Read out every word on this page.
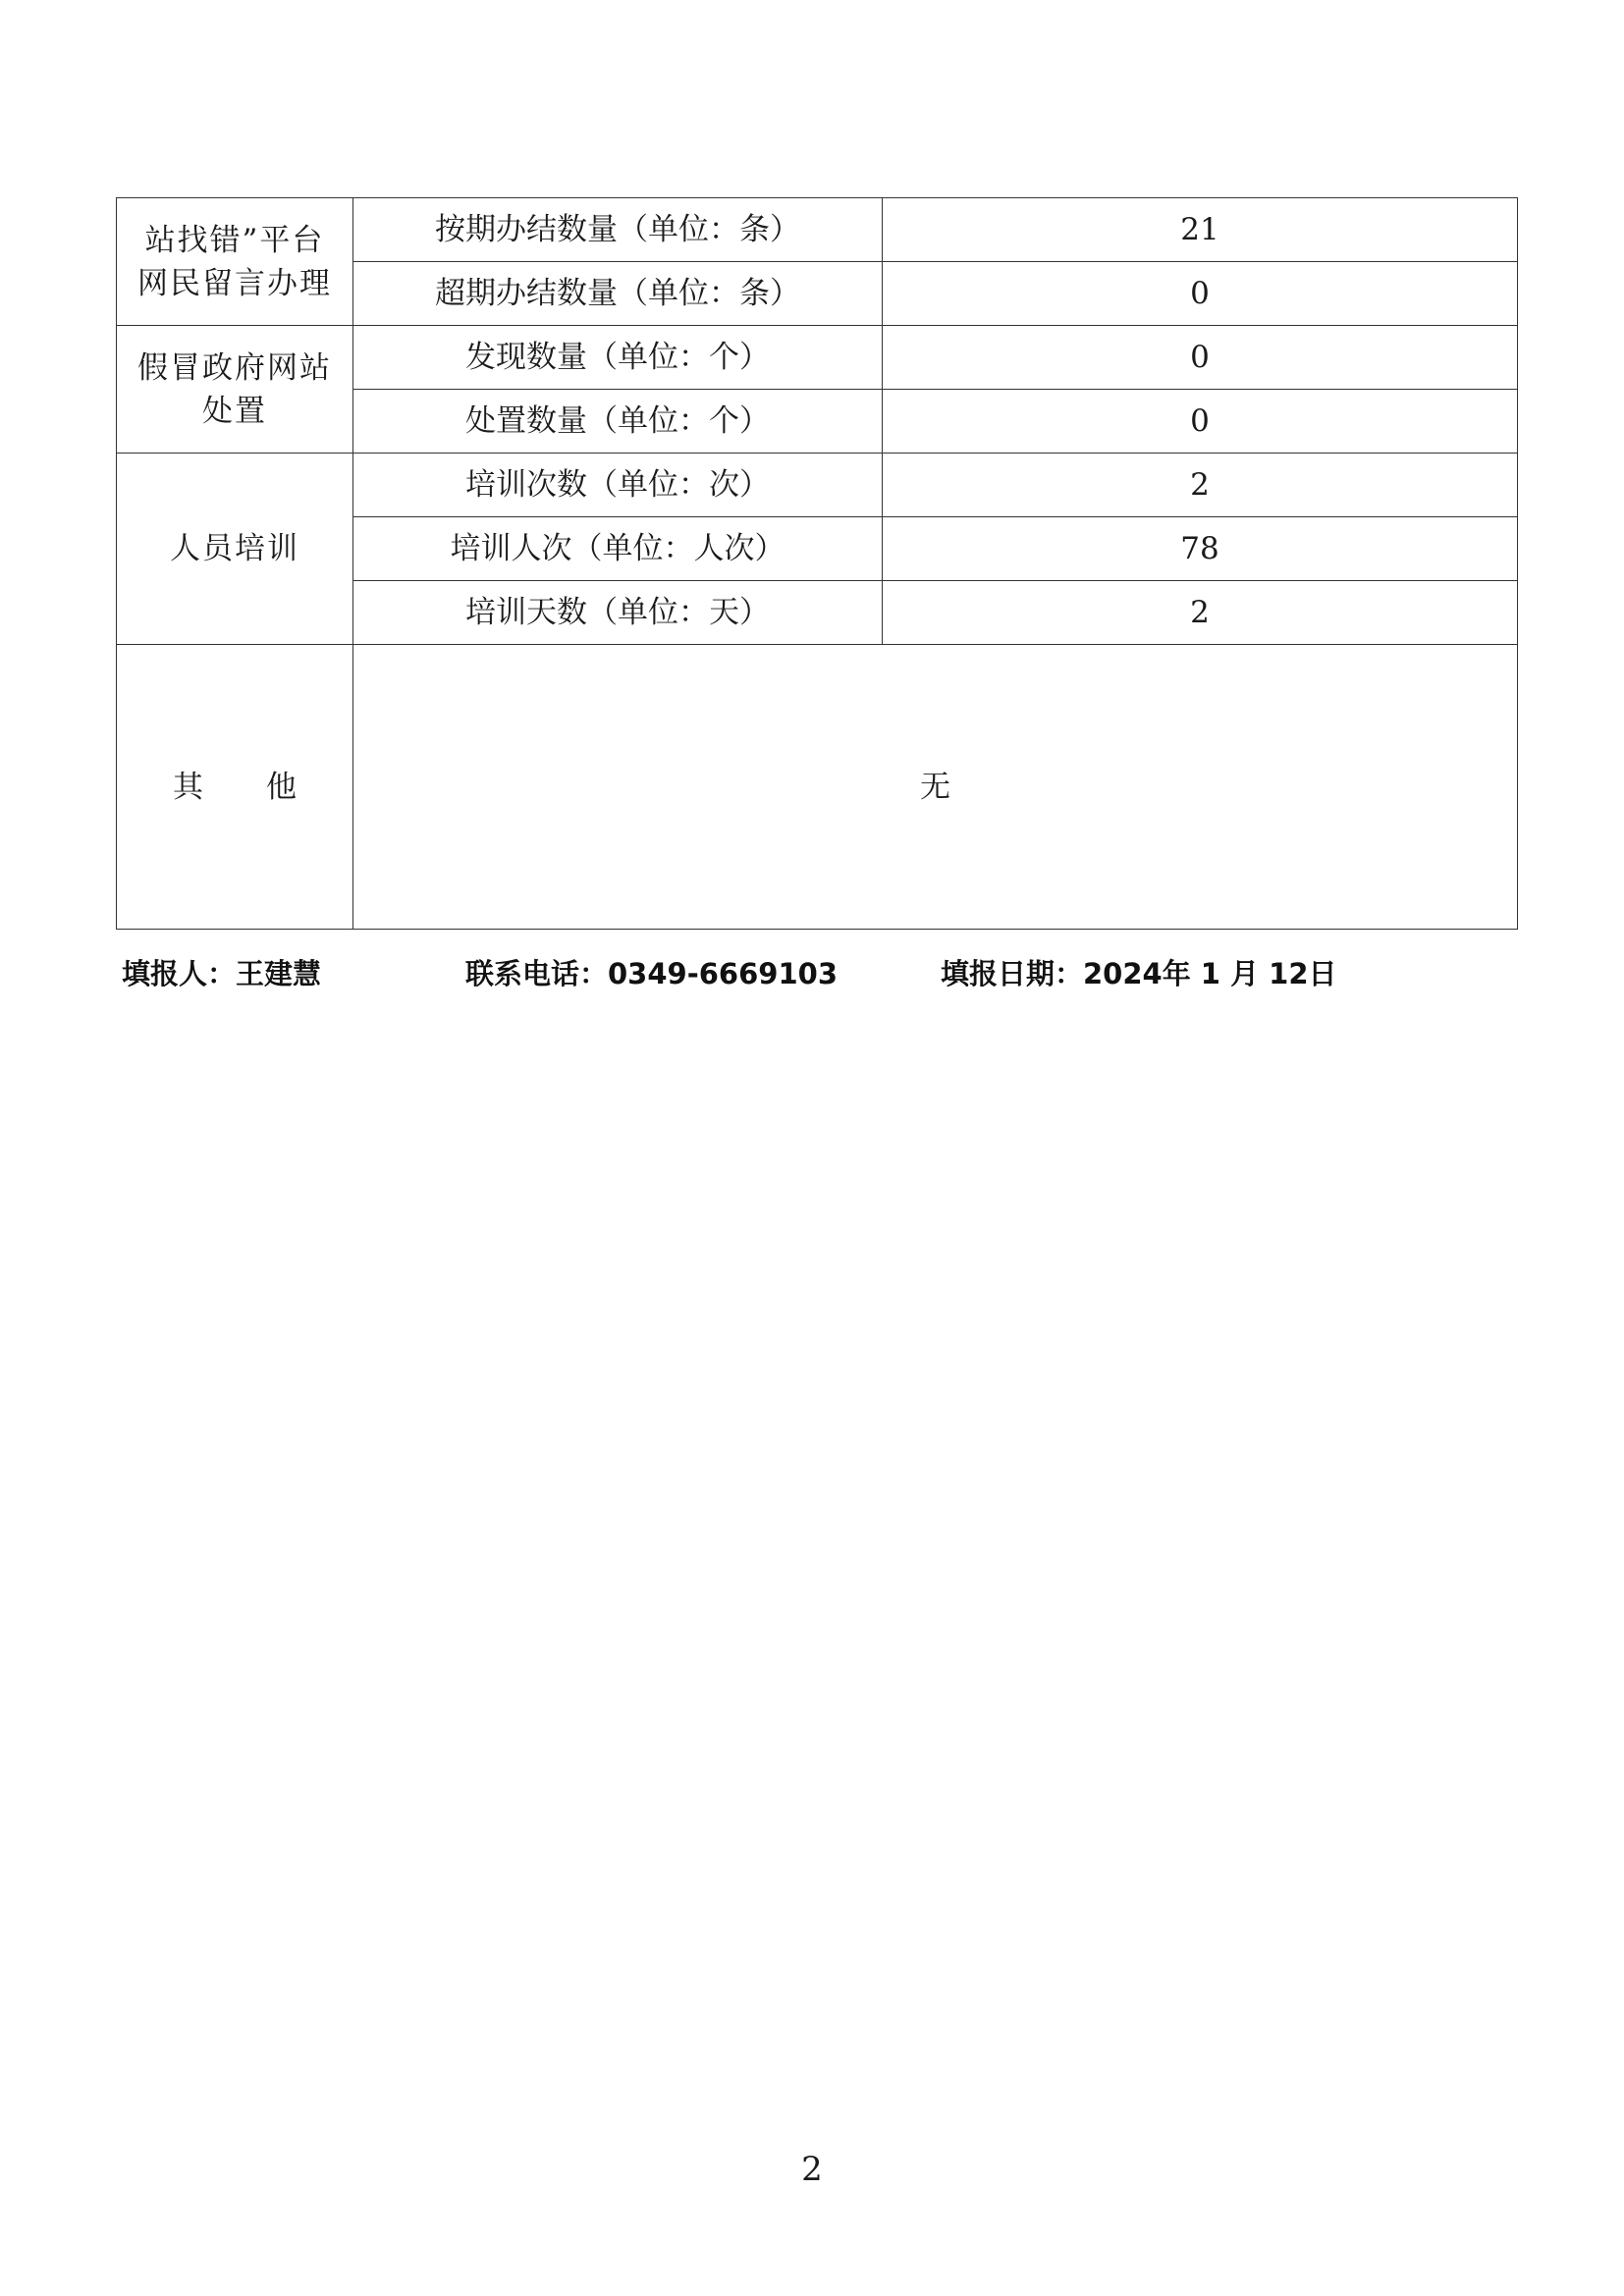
站找错”平台
网民留言办理	按期办结数量（单位：条）	21
	超期办结数量（单位：条）	0

假冒政府网站
处置	发现数量（单位：个）	0
	处置数量（单位：个）	0

人员培训	培训次数（单位：次）	2
	培训人次（单位：人次）	78
	培训天数（单位：天）	2
其 他	无	
填报人：王建慧	联系电话：0349-6669103	填报日期：2024年 1 月 12日
2
